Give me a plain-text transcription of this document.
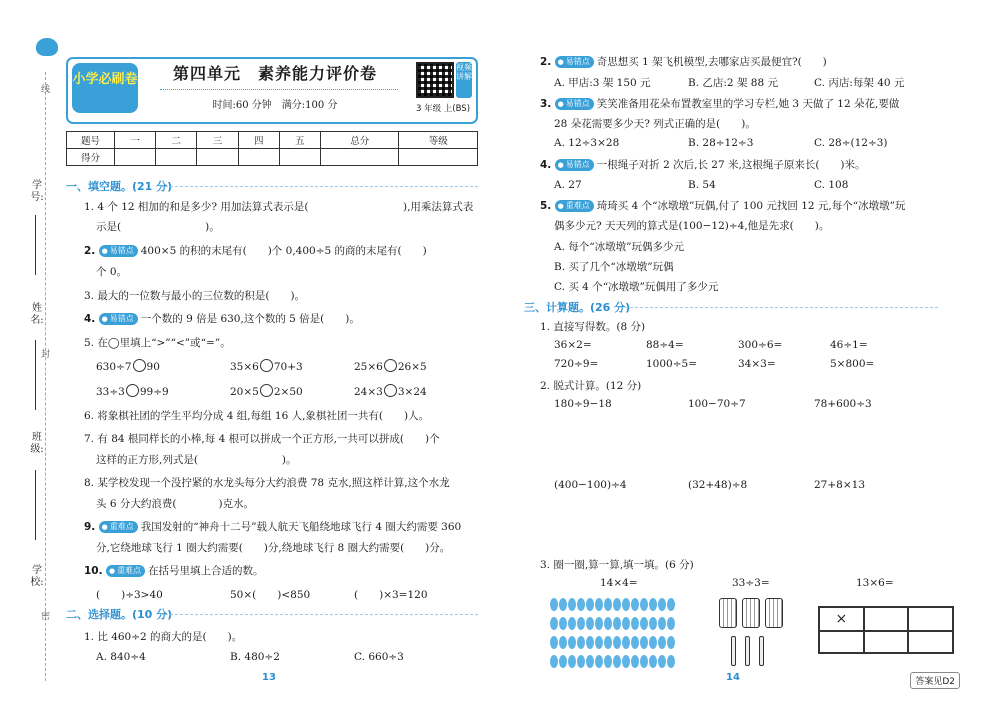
线
学号:
姓名:
封
班级:
学校:
密
小学必刷卷	第四单元　素养能力评价卷
时间:60 分钟　满分:100 分
视频讲解
3 年级 上(BS)
题号	一	二	三	四	五	总分	等级
得分							
一、填空题。(21 分)
1. 4 个 12 相加的和是多少? 用加法算式表示是(　　　　　　　　　),用乘法算式表
示是(　　　　　　　　)。
2. ● 易错点 400×5 的积的末尾有(　　)个 0,400÷5 的商的末尾有(　　)
个 0。
3. 最大的一位数与最小的三位数的积是(　　)。
4. ● 易错点 一个数的 9 倍是 630,这个数的 5 倍是(　　)。
5. 在◯里填上“>”“<”或“=”。
630÷7 90	35×6 70+3	25×6 26×5
33÷3 99÷9	20×5 2×50	24×3 3×24
6. 将象棋社团的学生平均分成 4 组,每组 16 人,象棋社团一共有(　　)人。
7. 有 84 根同样长的小棒,每 4 根可以拼成一个正方形,一共可以拼成(　　)个
这样的正方形,列式是(　　　　　　　　)。
8. 某学校发现一个没拧紧的水龙头每分大约浪费 78 克水,照这样计算,这个水龙
头 6 分大约浪费(　　　　)克水。
9. ● 重难点 我国发射的“神舟十二号”载人航天飞船绕地球飞行 4 圈大约需要 360
分,它绕地球飞行 1 圈大约需要(　　)分,绕地球飞行 8 圈大约需要(　　)分。
10. ● 重难点 在括号里填上合适的数。
(　　)÷3>40	50×(　　)<850	(　　)×3=120
二、选择题。(10 分)
1. 比 460÷2 的商大的是(　　)。
A. 840÷4	B. 480÷2	C. 660÷3
13
2. ● 易错点 奇思想买 1 架飞机模型,去哪家店买最便宜?(　　)
A. 甲店:3 架 150 元	B. 乙店:2 架 88 元	C. 丙店:每架 40 元
3. ● 易错点 笑笑准备用花朵布置教室里的学习专栏,她 3 天做了 12 朵花,要做
28 朵花需要多少天? 列式正确的是(　　)。
A. 12÷3×28	B. 28÷12÷3	C. 28÷(12÷3)
4. ● 易错点 一根绳子对折 2 次后,长 27 米,这根绳子原来长(　　)米。
A. 27	B. 54	C. 108
5. ● 重难点 琦琦买 4 个“冰墩墩”玩偶,付了 100 元找回 12 元,每个“冰墩墩”玩
偶多少元? 天天列的算式是(100−12)÷4,他是先求(　　)。
A. 每个“冰墩墩”玩偶多少元
B. 买了几个“冰墩墩”玩偶
C. 买 4 个“冰墩墩”玩偶用了多少元
三、计算题。(26 分)
1. 直接写得数。(8 分)
36×2=	88÷4=	300÷6=	46÷1=
720÷9=	1000÷5=	34×3=	5×800=
2. 脱式计算。(12 分)
180÷9−18	100−70÷7	78+600÷3
(400−100)÷4	(32+48)÷8	27+8×13
3. 圈一圈,算一算,填一填。(6 分)
14×4=	33÷3=	13×6=
×
14	答案见D2
